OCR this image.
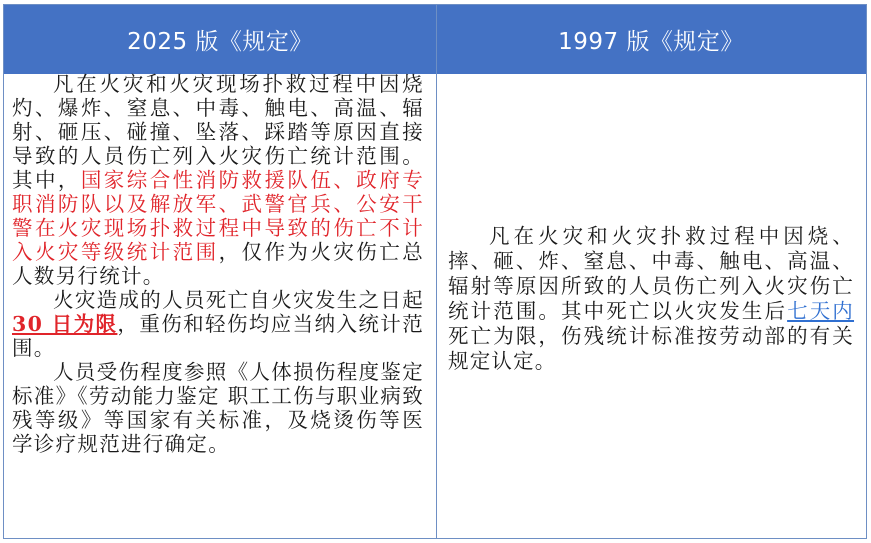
2025 版《规定》	1997 版《规定》

凡在火灾和火灾现场扑救过程中因烧灼、爆炸、窒息、中毒、触电、高温、辐射、砸压、碰撞、坠落、踩踏等原因直接导致的人员伤亡列入火灾伤亡统计范围。其中，国家综合性消防救援队伍、政府专职消防队以及解放军、武警官兵、公安干警在火灾现场扑救过程中导致的伤亡不计入火灾等级统计范围，仅作为火灾伤亡总人数另行统计。

火灾造成的人员死亡自火灾发生之日起30 日为限，重伤和轻伤均应当纳入统计范围。

人员受伤程度参照《人体损伤程度鉴定标准》《劳动能力鉴定 职工工伤与职业病致残等级》等国家有关标准，及烧烫伤等医学诊疗规范进行确定。

凡在火灾和火灾扑救过程中因烧、摔、砸、炸、窒息、中毒、触电、高温、辐射等原因所致的人员伤亡列入火灾伤亡统计范围。其中死亡以火灾发生后七天内死亡为限，伤残统计标准按劳动部的有关规定认定。
